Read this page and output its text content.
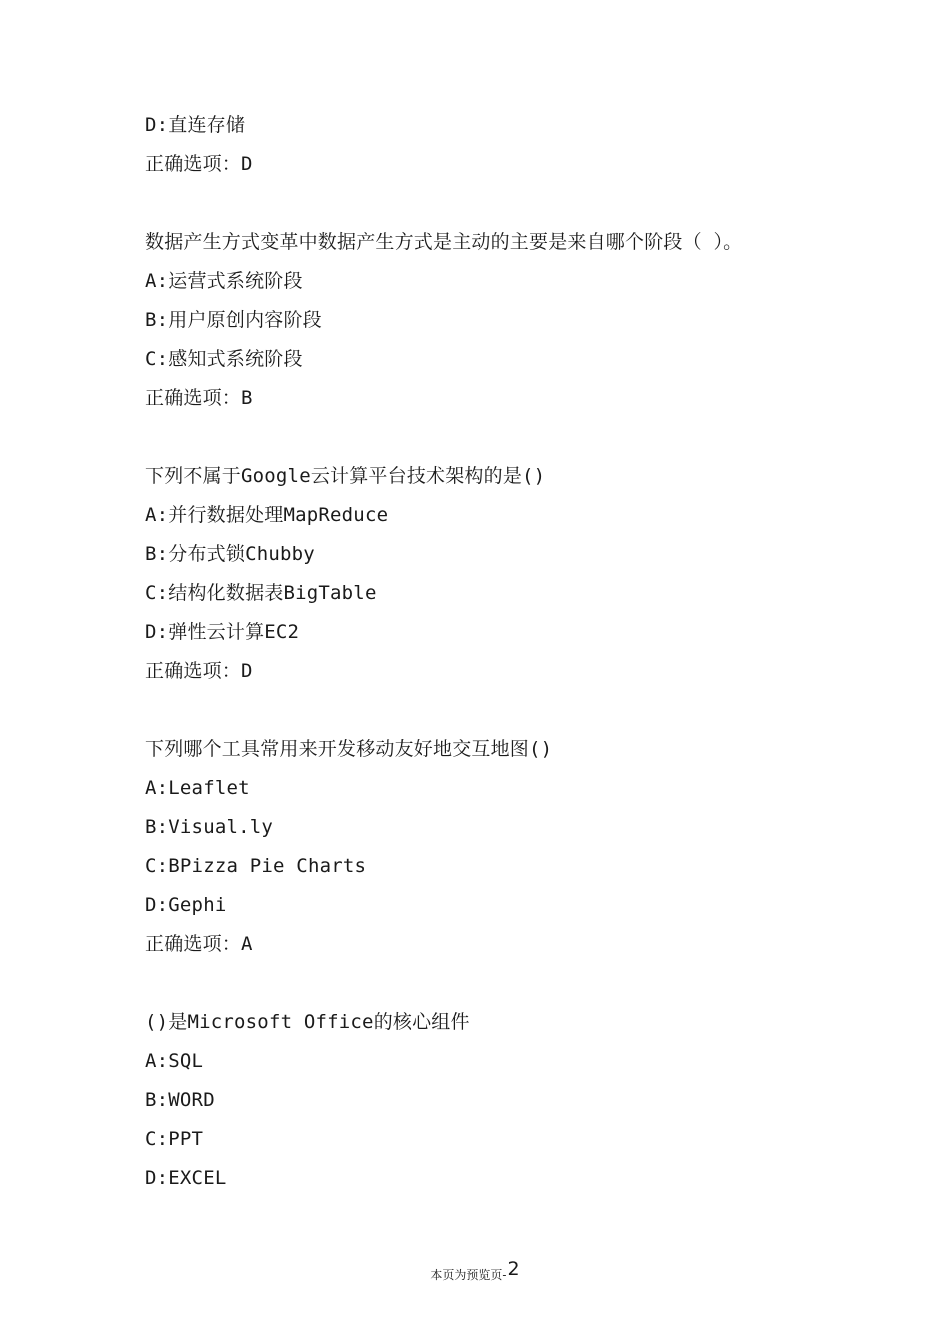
D:直连存储
正确选项：D
数据产生方式变革中数据产生方式是主动的主要是来自哪个阶段（ ）。
A:运营式系统阶段
B:用户原创内容阶段
C:感知式系统阶段
正确选项：B
下列不属于Google云计算平台技术架构的是()
A:并行数据处理MapReduce
B:分布式锁Chubby
C:结构化数据表BigTable
D:弹性云计算EC2
正确选项：D
下列哪个工具常用来开发移动友好地交互地图()
A:Leaflet
B:Visual.ly
C:BPizza Pie Charts
D:Gephi
正确选项：A
()是Microsoft Office的核心组件
A:SQL
B:WORD
C:PPT
D:EXCEL
本页为预览页-2
